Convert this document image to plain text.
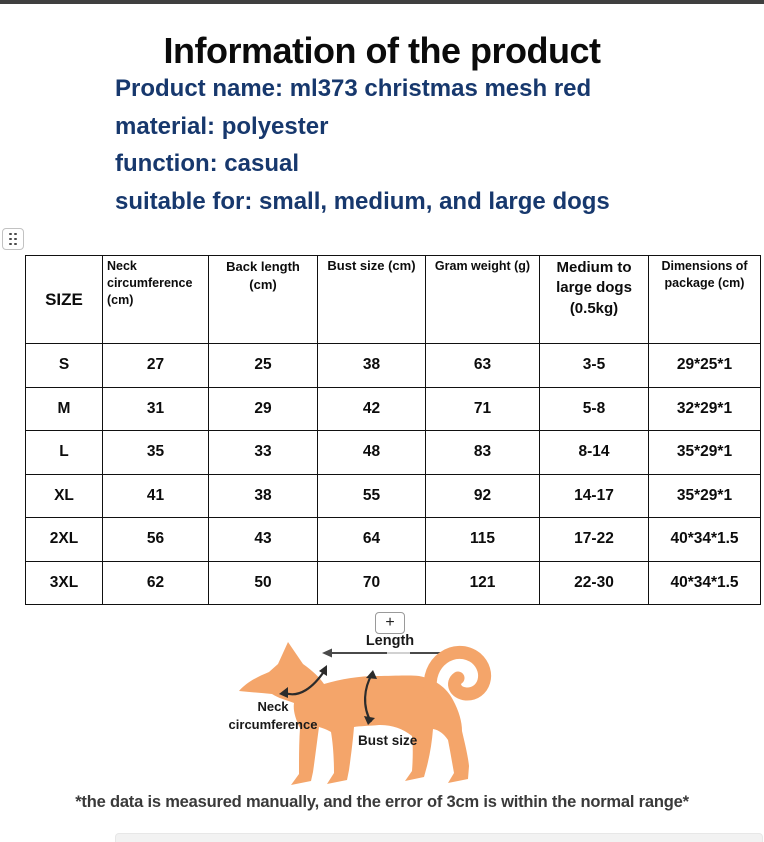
Information of the product
Product name: ml373 christmas mesh red
material: polyester
function: casual
suitable for: small, medium, and large dogs
SIZE	Neck circumference (cm)	Back length (cm)	Bust size (cm)	Gram weight (g)	Medium to large dogs (0.5kg)	Dimensions of package (cm)
S	27	25	38	63	3-5	29*25*1
M	31	29	42	71	5-8	32*29*1
L	35	33	48	83	8-14	35*29*1
XL	41	38	55	92	14-17	35*29*1
2XL	56	43	64	115	17-22	40*34*1.5
3XL	62	50	70	121	22-30	40*34*1.5
+
Length
Neck circumference
Bust size
*the data is measured manually, and the error of 3cm is within the normal range*
